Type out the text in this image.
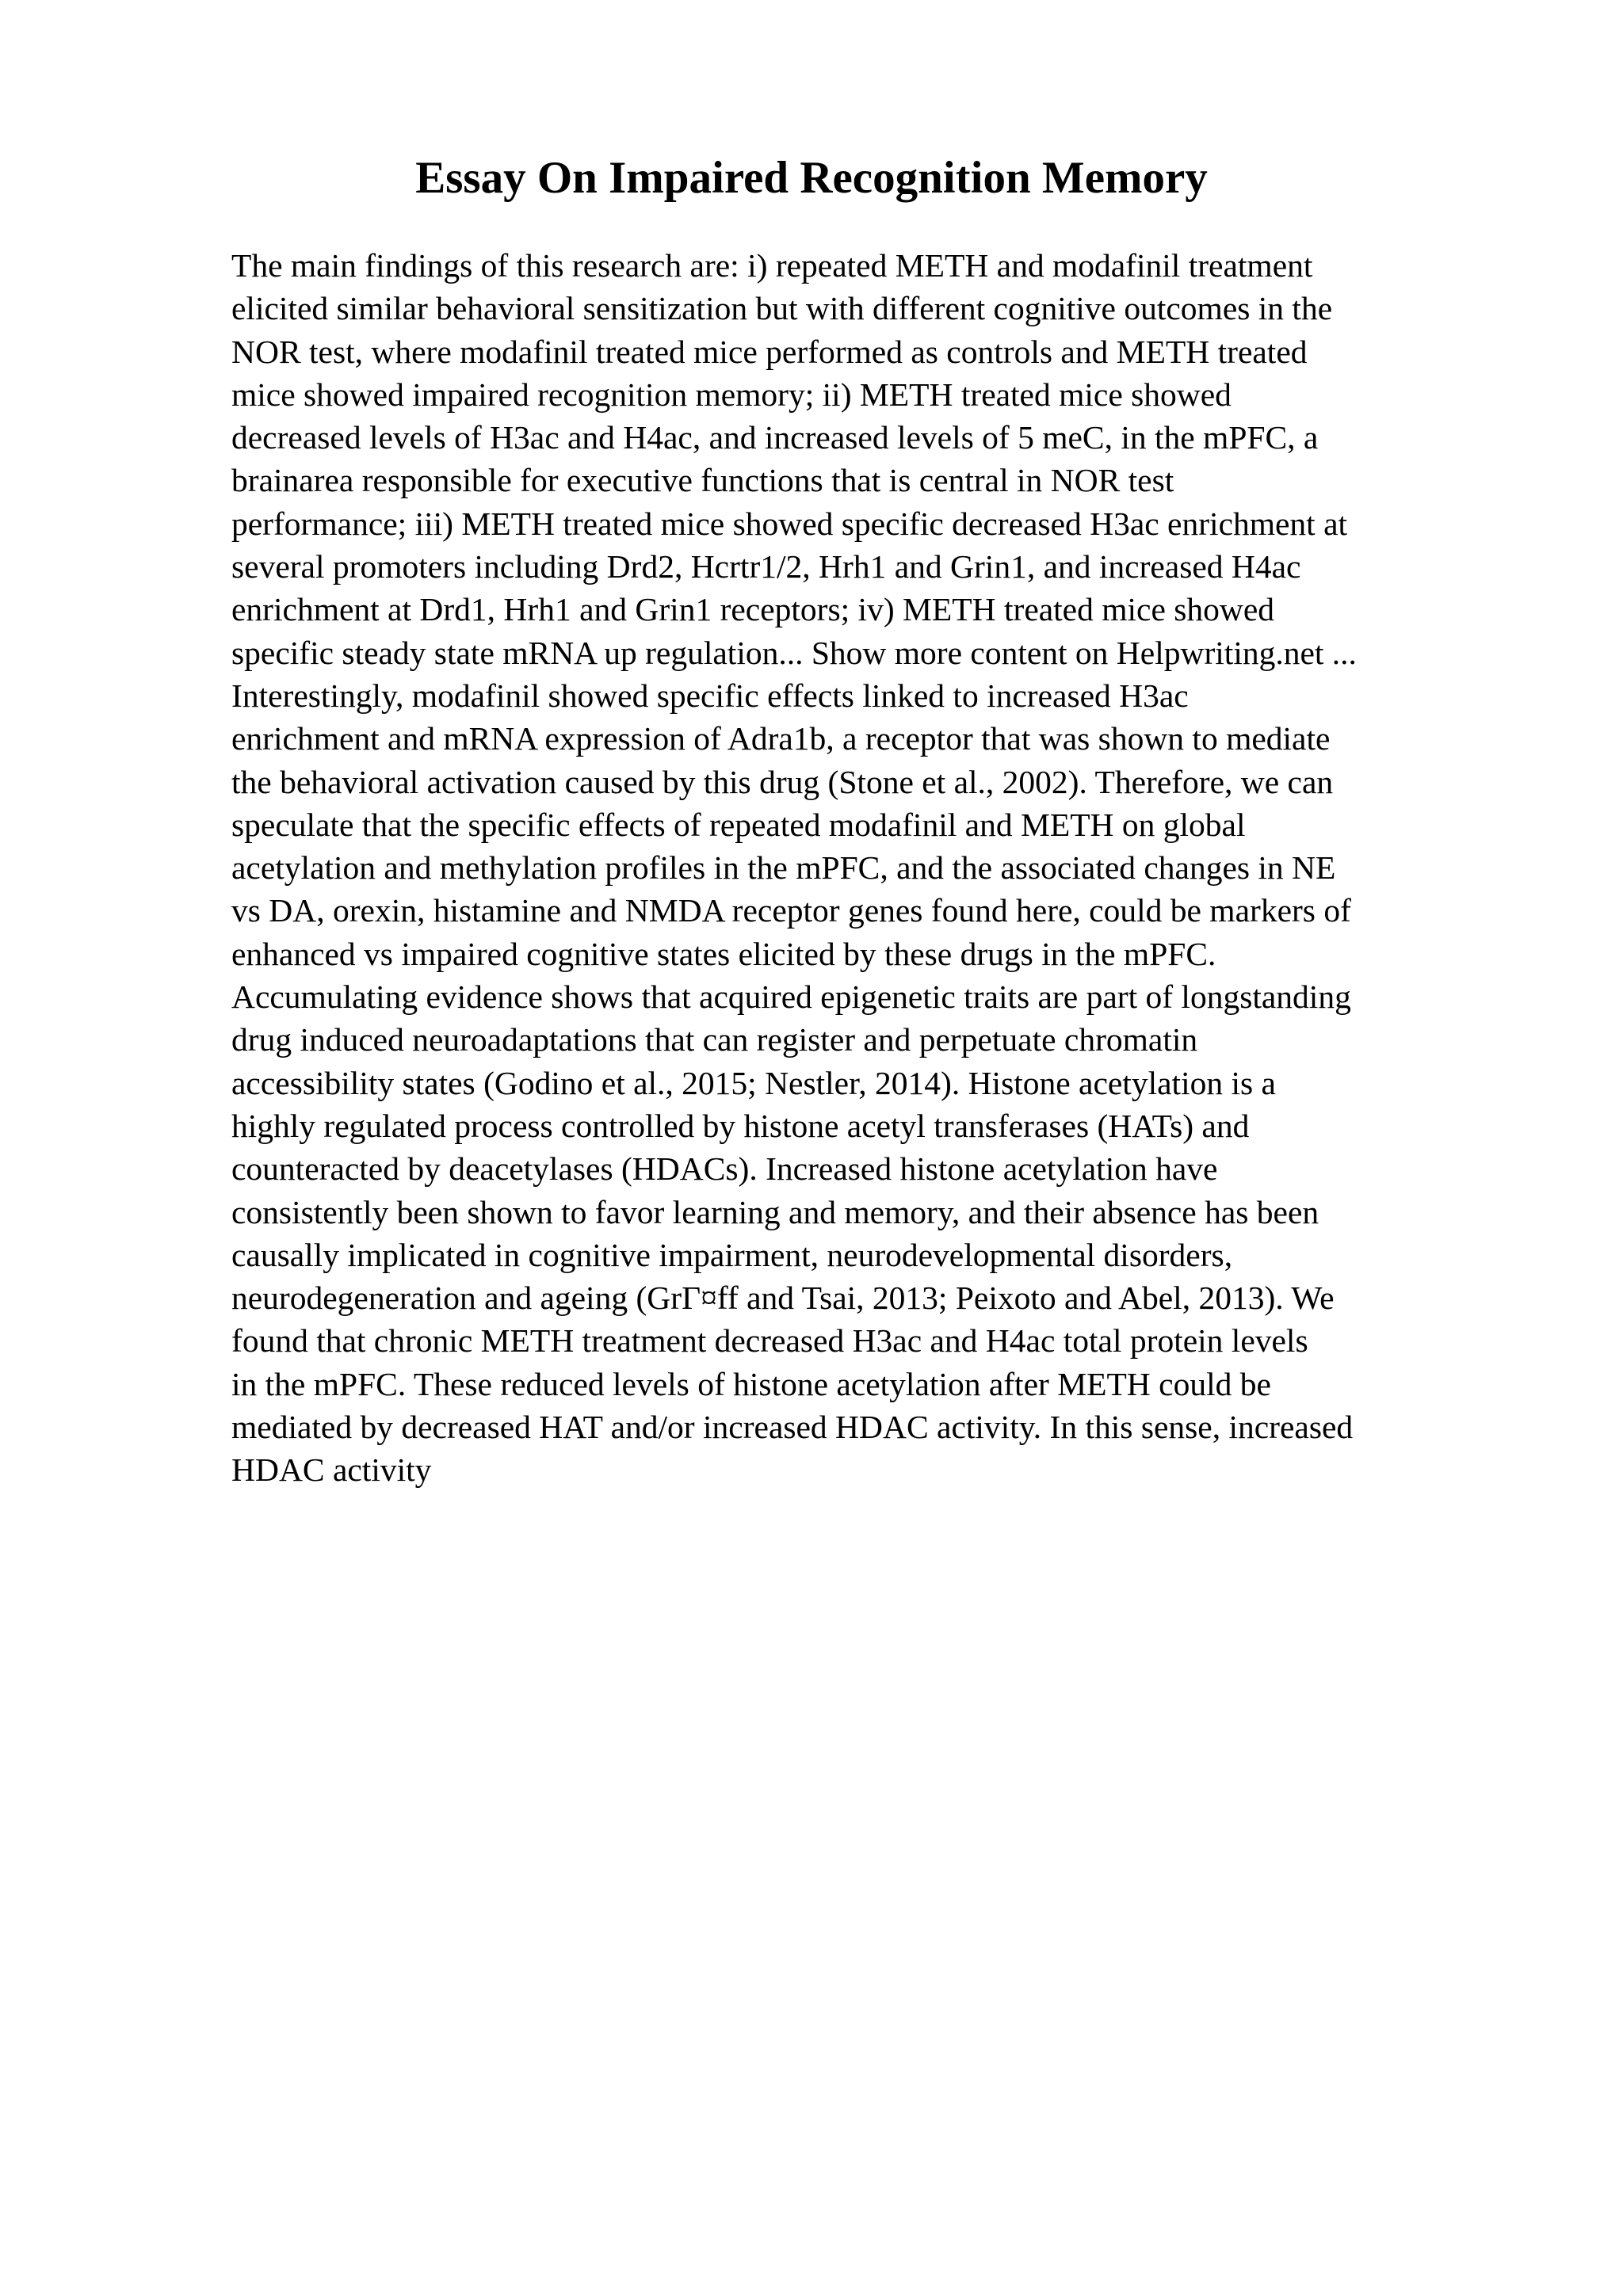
Essay On Impaired Recognition Memory
The main findings of this research are: i) repeated METH and modafinil treatment
elicited similar behavioral sensitization but with different cognitive outcomes in the
NOR test, where modafinil treated mice performed as controls and METH treated
mice showed impaired recognition memory; ii) METH treated mice showed
decreased levels of H3ac and H4ac, and increased levels of 5 meC, in the mPFC, a
brainarea responsible for executive functions that is central in NOR test
performance; iii) METH treated mice showed specific decreased H3ac enrichment at
several promoters including Drd2, Hcrtr1/2, Hrh1 and Grin1, and increased H4ac
enrichment at Drd1, Hrh1 and Grin1 receptors; iv) METH treated mice showed
specific steady state mRNA up regulation... Show more content on Helpwriting.net ...
Interestingly, modafinil showed specific effects linked to increased H3ac
enrichment and mRNA expression of Adra1b, a receptor that was shown to mediate
the behavioral activation caused by this drug (Stone et al., 2002). Therefore, we can
speculate that the specific effects of repeated modafinil and METH on global
acetylation and methylation profiles in the mPFC, and the associated changes in NE
vs DA, orexin, histamine and NMDA receptor genes found here, could be markers of
enhanced vs impaired cognitive states elicited by these drugs in the mPFC.
Accumulating evidence shows that acquired epigenetic traits are part of longstanding
drug induced neuroadaptations that can register and perpetuate chromatin
accessibility states (Godino et al., 2015; Nestler, 2014). Histone acetylation is a
highly regulated process controlled by histone acetyl transferases (HATs) and
counteracted by deacetylases (HDACs). Increased histone acetylation have
consistently been shown to favor learning and memory, and their absence has been
causally implicated in cognitive impairment, neurodevelopmental disorders,
neurodegeneration and ageing (GrГ¤ff and Tsai, 2013; Peixoto and Abel, 2013). We
found that chronic METH treatment decreased H3ac and H4ac total protein levels
in the mPFC. These reduced levels of histone acetylation after METH could be
mediated by decreased HAT and/or increased HDAC activity. In this sense, increased
HDAC activity
